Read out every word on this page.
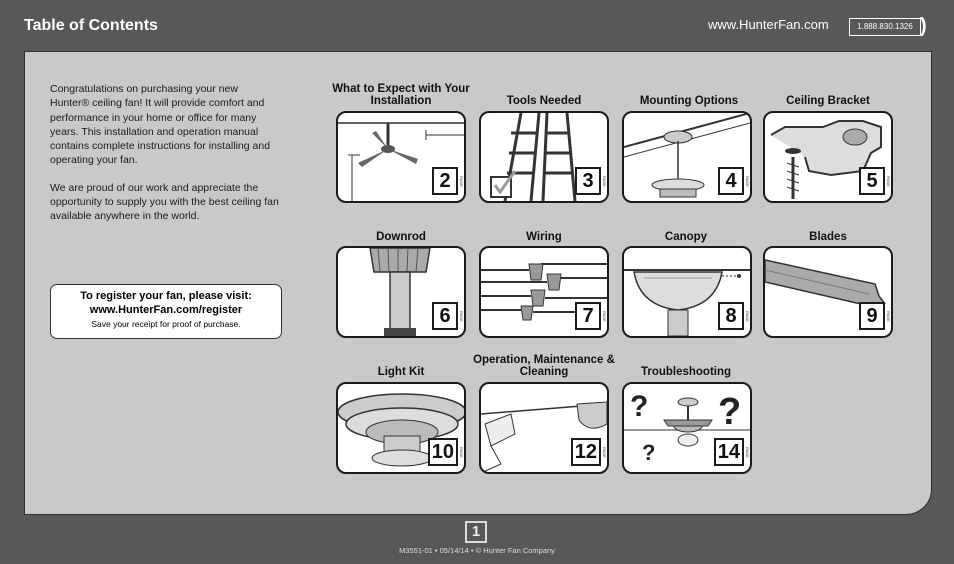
Table of Contents	www.HunterFan.com	1.888.830.1326 )

Congratulations on purchasing your new Hunter® ceiling fan! It will provide comfort and performance in your home or office for many years. This installation and operation manual contains complete instructions for installing and operating your fan.

We are proud of our work and appreciate the opportunity to supply you with the best ceiling fan available anywhere in the world.

To register your fan, please visit:
www.HunterFan.com/register
Save your receipt for proof of purchase.
What to Expect with Your Installation
2	PAGE
Tools Needed
3	PAGE
Mounting Options
4	PAGE
Ceiling Bracket
5	PAGE
Downrod
6	PAGE
Wiring
7	PAGE
Canopy
8	PAGE
Blades
9	PAGE
Light Kit
10	PAGE
Operation, Maintenance & Cleaning
12	PAGE
Troubleshooting
? ?
?	14	PAGE
1
M3551-01 • 05/14/14 • © Hunter Fan Company
